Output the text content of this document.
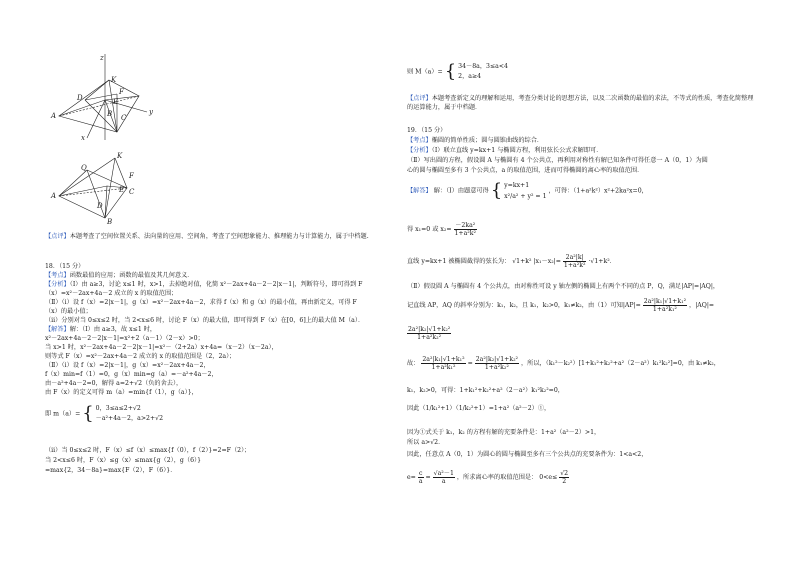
z
K
F
D	E
A	B C
y
x
K
Q
F
E
A	C
B
D
【点评】本题考查了空间位置关系、法向量的应用、空间角，考查了空间想象能力、推理能力与计算能力，属于中档题.
18．（15 分）
【考点】函数最值的应用；函数的最值及其几何意义．
【分析】（Ⅰ）由 a≥3，讨论 x≤1 时，x>1，去掉绝对值，化简 x²－2ax+4a－2－2|x－1|，判断符号，即可得到 F
（x）=x²－2ax+4a－2 成立的 x 的取值范围；
（Ⅱ）（i）设 f（x）=2|x－1|，g（x）=x²－2ax+4a－2，求得 f（x）和 g（x）的最小值，再由新定义，可得 F
（x）的最小值；
（ii）分别对当 0≤x≤2 时，当 2<x≤6 时，讨论 F（x）的最大值，即可得到 F（x）在[0，6]上的最大值 M（a）．
【解答】解：（Ⅰ）由 a≥3，故 x≤1 时，
x²－2ax+4a－2－2|x－1|=x²+2（a－1）（2－x）>0；
当 x>1 时，x²－2ax+4a－2－2|x－1|=x²－（2+2a）x+4a=（x－2）（x－2a），
则等式 F（x）=x²－2ax+4a－2 成立的 x 的取值范围是（2，2a）；
（Ⅱ）（i）设 f（x）=2|x－1|，g（x）=x²－2ax+4a－2，
f（x）min=f（1）=0，g（x）min=g（a）=－a²+4a－2，
由－a²+4a－2=0，解得 a=2+√2（负的舍去），
由 F（x）的定义可得 m（a）=min{f（1），g（a）}，
即 m（a）= { 0，3≤a≤2+√2
－a²+4a－2，a>2+√2
（ii）当 0≤x≤2 时，F（x）≤f（x）≤max{f（0），f（2）}=2=F（2）；
当 2<x≤6 时，F（x）≤g（x）≤max{g（2），g（6）}
=max{2，34－8a}=max{F（2），F（6）}．
则 M（a）= { 34－8a，3≤a<4
2，a≥4
【点评】本题考查新定义的理解和运用，考查分类讨论的思想方法，以及二次函数的最值的求法，不等式的性质，考查化简整理的运算能力，属于中档题．
19．（15 分）
【考点】椭圆的简单性质；圆与圆锥曲线的综合．
【分析】（Ⅰ）联立直线 y=kx+1 与椭圆方程，利用弦长公式求解即可．
（Ⅱ）写出圆的方程，假设圆 A 与椭圆有 4 个公共点，再利用对称性有解已知条件可得任意一 A（0，1）为圆
心的圆与椭圆至多有 3 个公共点，a 的取值范围，进而可得椭圆的离心率的取值范围．
【解答】 解：（Ⅰ）由题意可得 { y=kx+1
x²/a² + y² = 1
，可得：（1+a²k²）x²+2ka²x=0，
得 x₁=0 或 $x_2= \frac{\text{－2ka²}}{\text{1+a²k²}}$
直线 y=kx+1 被椭圆截得的弦长为： √1+k² $|x_1-x_2|= \frac{\text{2a²|k|}}{\text{1+a²k²}} \cdot√1+k^2$．
（Ⅱ）假设圆 A 与椭圆有 4 个公共点，由对称性可设 y 轴左侧的椭圆上有两个不同的点 P，Q，满足|AP|=|AQ|，
记直线 AP，AQ 的斜率分别为：k₁，k₂，且 k₁，k₂>0，k₁≠k₂，由（1）可知$|AP|= \frac{\text{2a²|k₁|√1+k₁²}}{\text{1+a²k₁²}}$ ，|AQ|=
$\frac{\text{2a²|k₂|√1+k₂²}}{\text{1+a²k₂²}}$
故： $\frac{\text{2a²|k₁|√1+k₁²}}{\text{1+a²k₁²}} = \frac{\text{2a²|k₂|√1+k₂²}}{\text{1+a²k₂²}}$ ，所以，（k₁²－k₂²）[1+k₁²+k₂²+a²（2－a²）k₁²k₂²]=0，由 k₁≠k₂，
k₁，k₂>0，可得：1+k₁²+k₂²+a²（2－a²）k₁²k₂²=0，
因此（1/k₁²+1）（1/k₂²+1）=1+a²（a²－2）①，
因为①式关于 k₁，k₂ 的方程有解的充要条件是：1+a²（a²－2）>1，
所以 a>√2．
因此，任意点 A（0，1）为圆心的圆与椭圆至多有三个公共点的充要条件为：1<a<2，
$e= \frac{c}{a} = \frac{\text{√a²－1}}{a}$ ，所求离心率的取值范围是： $0<e\le \frac{√2}{2}$
